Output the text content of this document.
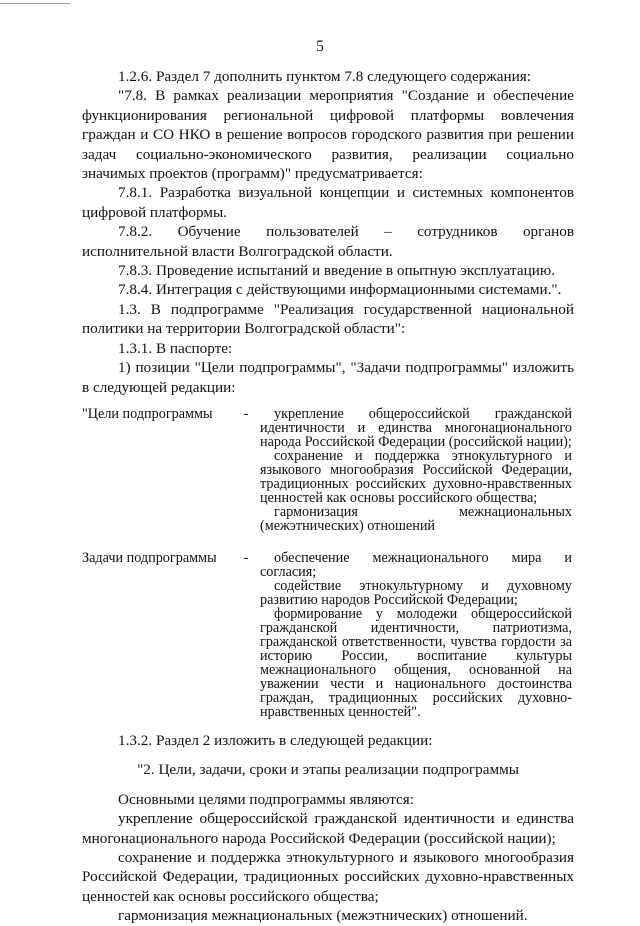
5

1.2.6. Раздел 7 дополнить пунктом 7.8 следующего содержания:

"7.8. В рамках реализации мероприятия "Создание и обеспечение функционирования региональной цифровой платформы вовлечения граждан и СО НКО в решение вопросов городского развития при решении задач социально-экономического развития, реализации социально значимых проектов (программ)" предусматривается:

7.8.1. Разработка визуальной концепции и системных компонентов цифровой платформы.

7.8.2. Обучение пользователей – сотрудников органов исполнительной власти Волгоградской области.

7.8.3. Проведение испытаний и введение в опытную эксплуатацию.

7.8.4. Интеграция с действующими информационными системами.".

1.3. В подпрограмме "Реализация государственной национальной политики на территории Волгоградской области":

1.3.1. В паспорте:

1) позиции "Цели подпрограммы", "Задачи подпрограммы" изложить в следующей редакции:

"Цели подпрограммы	-	укрепление общероссийской гражданской идентичности и единства многонационального народа Российской Федерации (российской нации);

сохранение и поддержка этнокультурного и языкового многообразия Российской Федерации, традиционных российских духовно-нравственных ценностей как основы российского общества;

гармонизация межнациональных (межэтнических) отношений

Задачи подпрограммы	-	обеспечение межнационального мира и согласия;

содействие этнокультурному и духовному развитию народов Российской Федерации;

формирование у молодежи общероссийской гражданской идентичности, патриотизма, гражданской ответственности, чувства гордости за историю России, воспитание культуры межнационального общения, основанной на уважении чести и национального достоинства граждан, традиционных российских духовно-нравственных ценностей".

1.3.2. Раздел 2 изложить в следующей редакции:

"2. Цели, задачи, сроки и этапы реализации подпрограммы

Основными целями подпрограммы являются:

укрепление общероссийской гражданской идентичности и единства многонационального народа Российской Федерации (российской нации);

сохранение и поддержка этнокультурного и языкового многообразия Российской Федерации, традиционных российских духовно-нравственных ценностей как основы российского общества;

гармонизация межнациональных (межэтнических) отношений.
